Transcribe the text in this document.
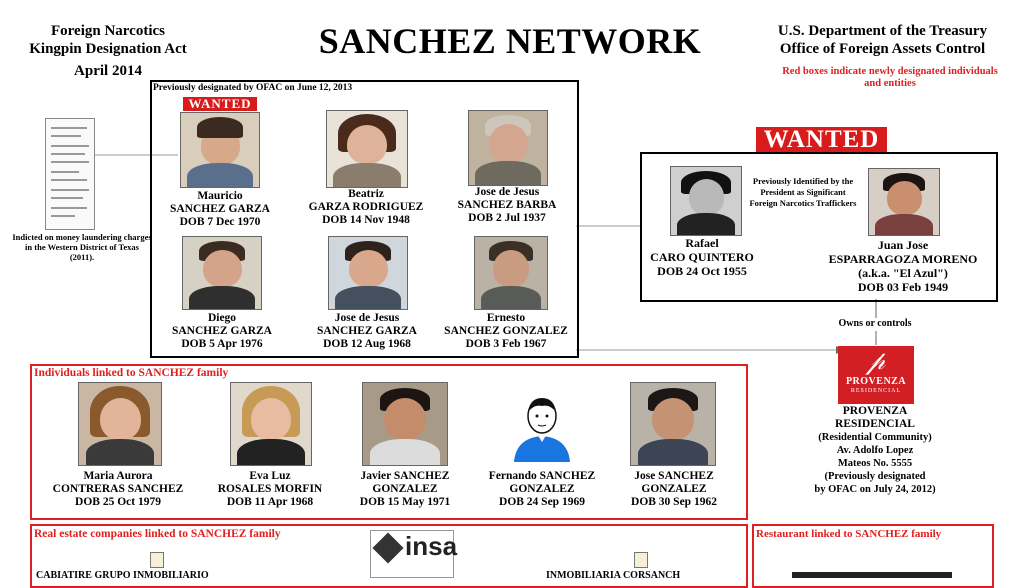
Foreign Narcotics
Kingpin Designation Act
April 2014
SANCHEZ NETWORK	U.S. Department of the Treasury
Office of Foreign Assets Control
Red boxes indicate newly designated individuals and entities
Indicted on money laundering charges in the Western District of Texas (2011).
Previously designated by OFAC on June 12, 2013
WANTED
Mauricio
SANCHEZ GARZA
DOB 7 Dec 1970
Beatriz
GARZA RODRIGUEZ
DOB 14 Nov 1948
Jose de Jesus
SANCHEZ BARBA
DOB 2 Jul 1937
Diego
SANCHEZ GARZA
DOB 5 Apr 1976
Jose de Jesus
SANCHEZ GARZA
DOB 12 Aug 1968
Ernesto
SANCHEZ GONZALEZ
DOB 3 Feb 1967
WANTED
Previously Identified by the President as Significant Foreign Narcotics Traffickers
Rafael
CARO QUINTERO
DOB 24 Oct 1955
Juan Jose
ESPARRAGOZA MORENO
(a.k.a. "El Azul")
DOB 03 Feb 1949
Owns or controls
𝓅
PROVENZA
RESIDENCIAL
PROVENZA
RESIDENCIAL
(Residential Community)
Av. Adolfo Lopez
Mateos No. 5555
(Previously designated
by OFAC on July 24, 2012)
Individuals linked to SANCHEZ family
Maria Aurora
CONTRERAS SANCHEZ
DOB 25 Oct 1979
Eva Luz
ROSALES MORFIN
DOB 11 Apr 1968
Javier SANCHEZ
GONZALEZ
DOB 15 May 1971
Fernando SANCHEZ
GONZALEZ
DOB 24 Sep 1969
Jose SANCHEZ
GONZALEZ
DOB 30 Sep 1962
Real estate companies linked to SANCHEZ family	insa
CABIATIRE GRUPO INMOBILIARIO	INMOBILIARIA CORSANCH
Restaurant linked to SANCHEZ family
